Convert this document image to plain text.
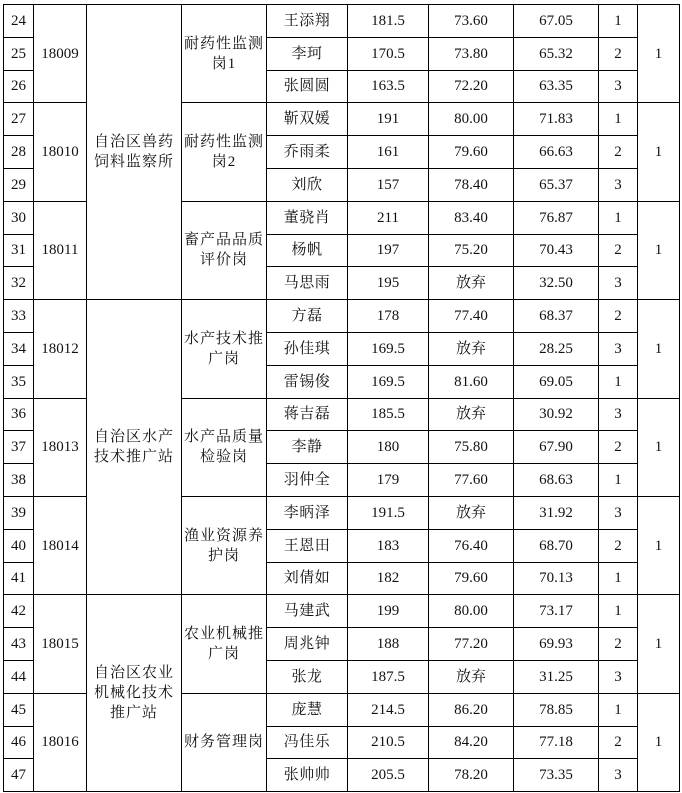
24	18009	自治区兽药饲料监察所	耐药性监测岗1	王添翔	181.5	73.60	67.05	1	1
25				李珂	170.5	73.80	65.32	2	
26				张圆圆	163.5	72.20	63.35	3	
27	18010		耐药性监测岗2	靳双媛	191	80.00	71.83	1	1
28				乔雨柔	161	79.60	66.63	2	
29				刘欣	157	78.40	65.37	3	
30	18011		畜产品品质评价岗	董骁肖	211	83.40	76.87	1	1
31				杨帆	197	75.20	70.43	2	
32				马思雨	195	放弃	32.50	3	
33	18012	自治区水产技术推广站	水产技术推广岗	方磊	178	77.40	68.37	2	1
34				孙佳琪	169.5	放弃	28.25	3	
35				雷锡俊	169.5	81.60	69.05	1	
36	18013		水产品质量检验岗	蒋吉磊	185.5	放弃	30.92	3	1
37				李静	180	75.80	67.90	2	
38				羽仲全	179	77.60	68.63	1	
39	18014		渔业资源养护岗	李昞泽	191.5	放弃	31.92	3	1
40				王恩田	183	76.40	68.70	2	
41				刘倩如	182	79.60	70.13	1	
42	18015	自治区农业机械化技术推广站	农业机械推广岗	马建武	199	80.00	73.17	1	1
43				周兆钟	188	77.20	69.93	2	
44				张龙	187.5	放弃	31.25	3	
45	18016		财务管理岗	庞慧	214.5	86.20	78.85	1	1
46				冯佳乐	210.5	84.20	77.18	2	
47				张帅帅	205.5	78.20	73.35	3	
